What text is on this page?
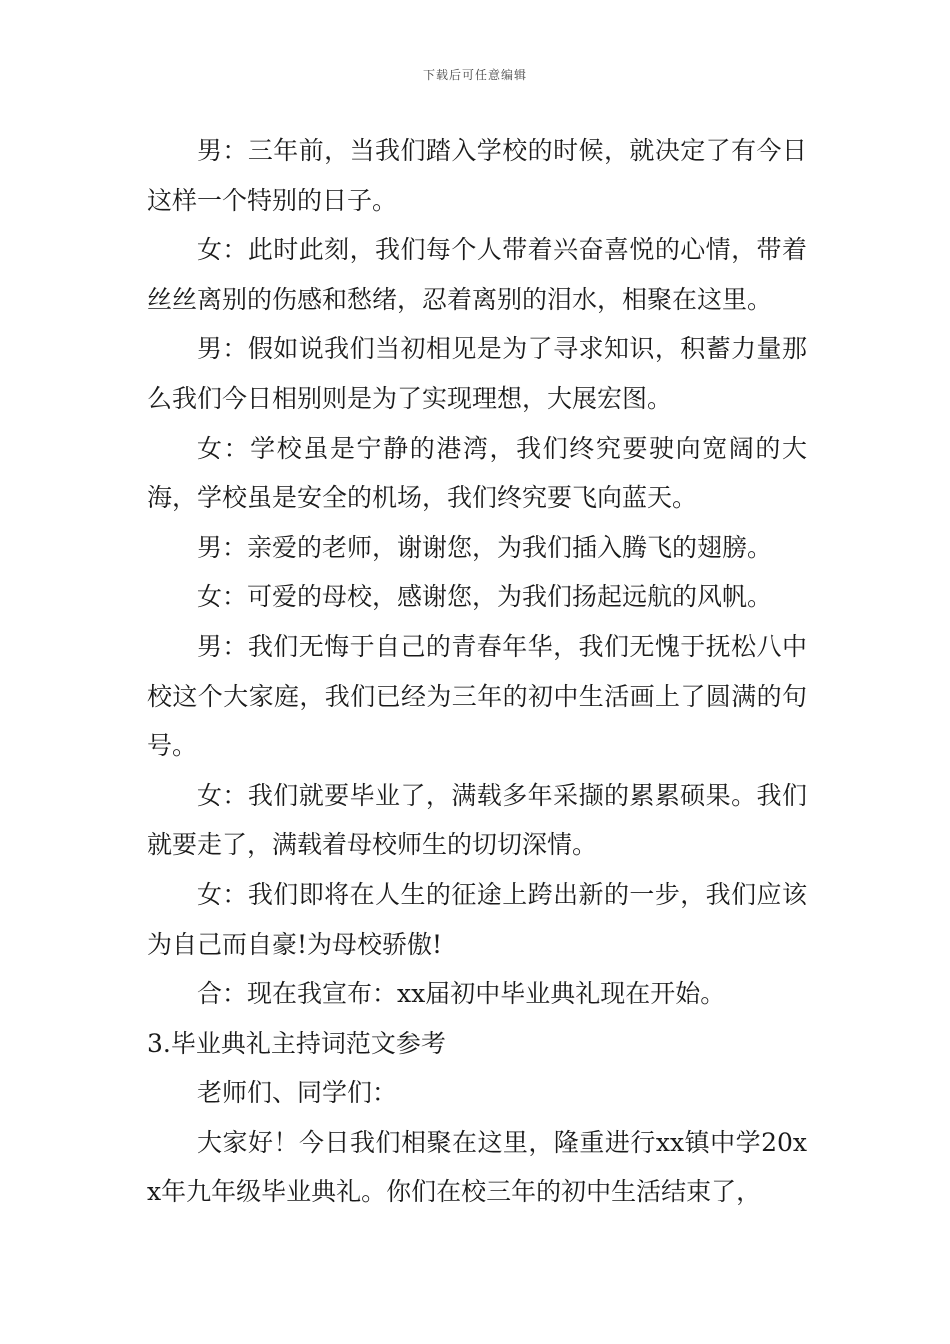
下载后可任意编辑

男：三年前，当我们踏入学校的时候，就决定了有今日这样一个特别的日子。

女：此时此刻，我们每个人带着兴奋喜悦的心情，带着丝丝离别的伤感和愁绪，忍着离别的泪水，相聚在这里。

男：假如说我们当初相见是为了寻求知识，积蓄力量那么我们今日相别则是为了实现理想，大展宏图。

女：学校虽是宁静的港湾，我们终究要驶向宽阔的大海，学校虽是安全的机场，我们终究要飞向蓝天。

男：亲爱的老师，谢谢您，为我们插入腾飞的翅膀。

女：可爱的母校，感谢您，为我们扬起远航的风帆。

男：我们无悔于自己的青春年华，我们无愧于抚松八中校这个大家庭，我们已经为三年的初中生活画上了圆满的句号。

女：我们就要毕业了，满载多年采撷的累累硕果。我们就要走了，满载着母校师生的切切深情。

女：我们即将在人生的征途上跨出新的一步，我们应该为自己而自豪!为母校骄傲!

合：现在我宣布：xx届初中毕业典礼现在开始。

3.毕业典礼主持词范文参考

老师们、同学们：

大家好！今日我们相聚在这里，隆重进行xx镇中学20xx年九年级毕业典礼。你们在校三年的初中生活结束了，
